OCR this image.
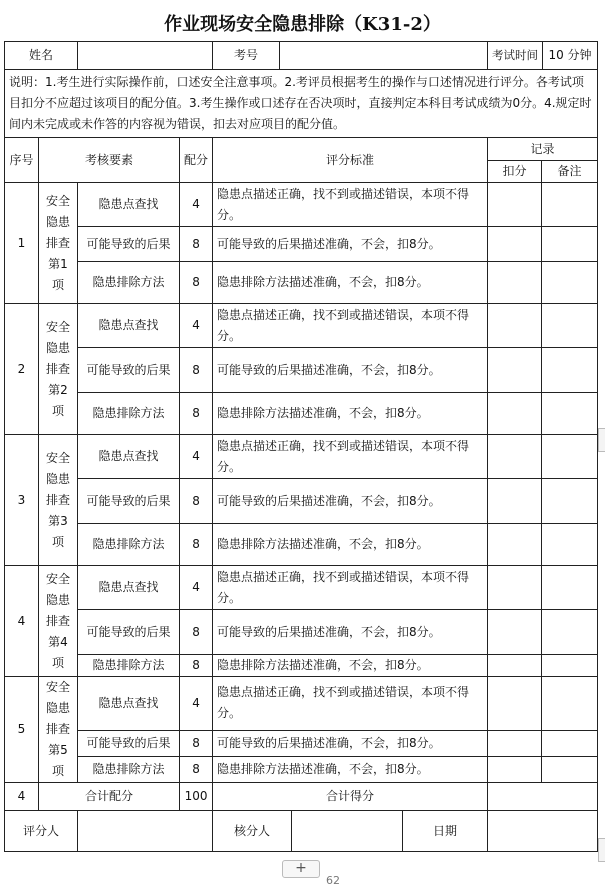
作业现场安全隐患排除（K31-2）
姓名				考号	考试时间 10 分钟	

说明：1.考生进行实际操作前，口述安全注意事项。2.考评员根据考生的操作与口述情况进行评分。各考试项目扣分不应超过该项目的配分值。3.考生操作或口述存在否决项时，直接判定本科目考试成绩为0分。4.规定时间内未完成或未作答的内容视为错误，扣去对应项目的配分值。						
序号	考核要素		配分	评分标准	记录	
					扣分	备注
1	安全隐患排查第1项	隐患点查找	4	隐患点描述正确，找不到或描述错误，本项不得分。		
		可能导致的后果	8	可能导致的后果描述准确，不会，扣8分。		
		隐患排除方法	8	隐患排除方法描述准确，不会，扣8分。		
2	安全隐患排查第2项	隐患点查找	4	隐患点描述正确，找不到或描述错误，本项不得分。		
		可能导致的后果	8	可能导致的后果描述准确，不会，扣8分。		
		隐患排除方法	8	隐患排除方法描述准确，不会，扣8分。		
3	安全隐患排查第3项	隐患点查找	4	隐患点描述正确，找不到或描述错误，本项不得分。		
		可能导致的后果	8	可能导致的后果描述准确，不会，扣8分。		
		隐患排除方法	8	隐患排除方法描述准确，不会，扣8分。		
4	安全隐患排查第4项	隐患点查找	4	隐患点描述正确，找不到或描述错误，本项不得分。		
		可能导致的后果	8	可能导致的后果描述准确，不会，扣8分。		
		隐患排除方法	8	隐患排除方法描述准确，不会，扣8分。		
5	安全隐患排查第5项	隐患点查找	4	隐患点描述正确，找不到或描述错误，本项不得分。		
		可能导致的后果	8	可能导致的后果描述准确，不会，扣8分。		
		隐患排除方法	8	隐患排除方法描述准确，不会，扣8分。		
4	合计配分		100	合计得分		
评分人				核分人 日期		

+
62
